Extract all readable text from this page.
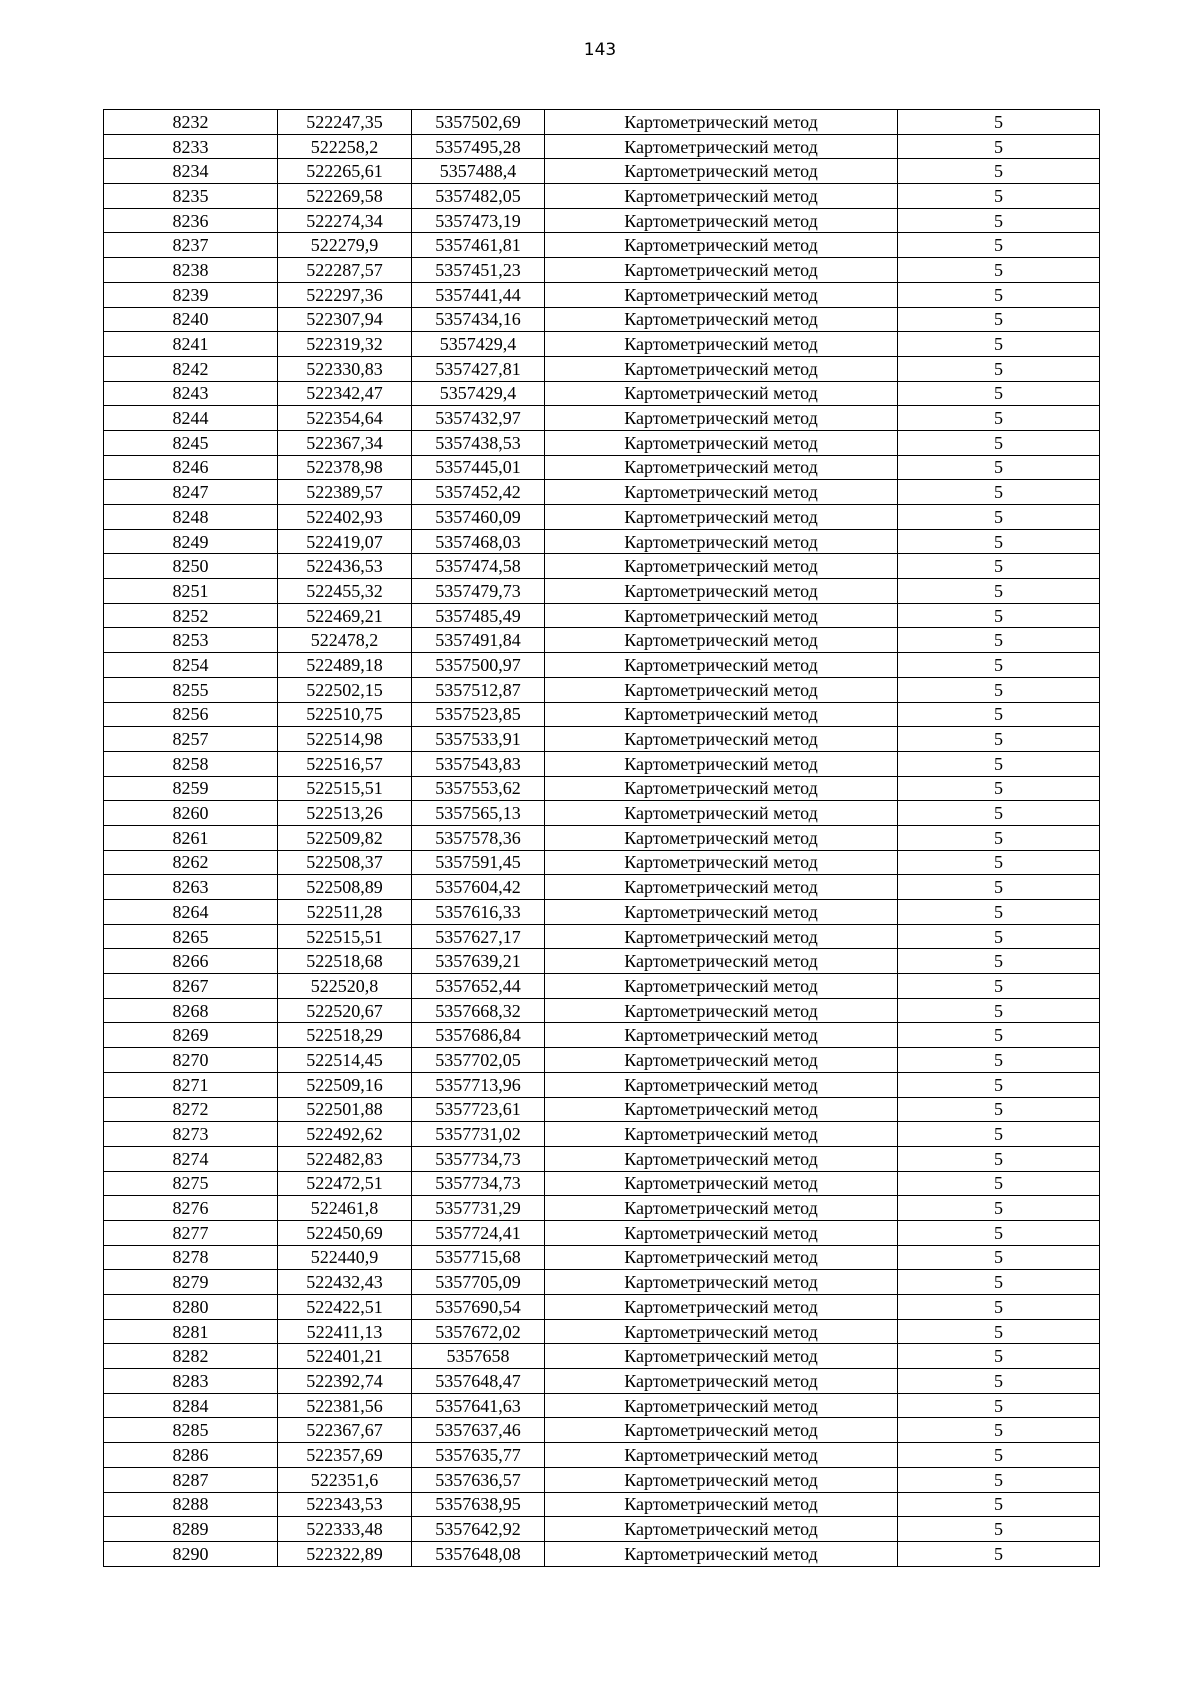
143
8232	522247,35	5357502,69	Картометрический метод	5
8233	522258,2	5357495,28	Картометрический метод	5
8234	522265,61	5357488,4	Картометрический метод	5
8235	522269,58	5357482,05	Картометрический метод	5
8236	522274,34	5357473,19	Картометрический метод	5
8237	522279,9	5357461,81	Картометрический метод	5
8238	522287,57	5357451,23	Картометрический метод	5
8239	522297,36	5357441,44	Картометрический метод	5
8240	522307,94	5357434,16	Картометрический метод	5
8241	522319,32	5357429,4	Картометрический метод	5
8242	522330,83	5357427,81	Картометрический метод	5
8243	522342,47	5357429,4	Картометрический метод	5
8244	522354,64	5357432,97	Картометрический метод	5
8245	522367,34	5357438,53	Картометрический метод	5
8246	522378,98	5357445,01	Картометрический метод	5
8247	522389,57	5357452,42	Картометрический метод	5
8248	522402,93	5357460,09	Картометрический метод	5
8249	522419,07	5357468,03	Картометрический метод	5
8250	522436,53	5357474,58	Картометрический метод	5
8251	522455,32	5357479,73	Картометрический метод	5
8252	522469,21	5357485,49	Картометрический метод	5
8253	522478,2	5357491,84	Картометрический метод	5
8254	522489,18	5357500,97	Картометрический метод	5
8255	522502,15	5357512,87	Картометрический метод	5
8256	522510,75	5357523,85	Картометрический метод	5
8257	522514,98	5357533,91	Картометрический метод	5
8258	522516,57	5357543,83	Картометрический метод	5
8259	522515,51	5357553,62	Картометрический метод	5
8260	522513,26	5357565,13	Картометрический метод	5
8261	522509,82	5357578,36	Картометрический метод	5
8262	522508,37	5357591,45	Картометрический метод	5
8263	522508,89	5357604,42	Картометрический метод	5
8264	522511,28	5357616,33	Картометрический метод	5
8265	522515,51	5357627,17	Картометрический метод	5
8266	522518,68	5357639,21	Картометрический метод	5
8267	522520,8	5357652,44	Картометрический метод	5
8268	522520,67	5357668,32	Картометрический метод	5
8269	522518,29	5357686,84	Картометрический метод	5
8270	522514,45	5357702,05	Картометрический метод	5
8271	522509,16	5357713,96	Картометрический метод	5
8272	522501,88	5357723,61	Картометрический метод	5
8273	522492,62	5357731,02	Картометрический метод	5
8274	522482,83	5357734,73	Картометрический метод	5
8275	522472,51	5357734,73	Картометрический метод	5
8276	522461,8	5357731,29	Картометрический метод	5
8277	522450,69	5357724,41	Картометрический метод	5
8278	522440,9	5357715,68	Картометрический метод	5
8279	522432,43	5357705,09	Картометрический метод	5
8280	522422,51	5357690,54	Картометрический метод	5
8281	522411,13	5357672,02	Картометрический метод	5
8282	522401,21	5357658	Картометрический метод	5
8283	522392,74	5357648,47	Картометрический метод	5
8284	522381,56	5357641,63	Картометрический метод	5
8285	522367,67	5357637,46	Картометрический метод	5
8286	522357,69	5357635,77	Картометрический метод	5
8287	522351,6	5357636,57	Картометрический метод	5
8288	522343,53	5357638,95	Картометрический метод	5
8289	522333,48	5357642,92	Картометрический метод	5
8290	522322,89	5357648,08	Картометрический метод	5
